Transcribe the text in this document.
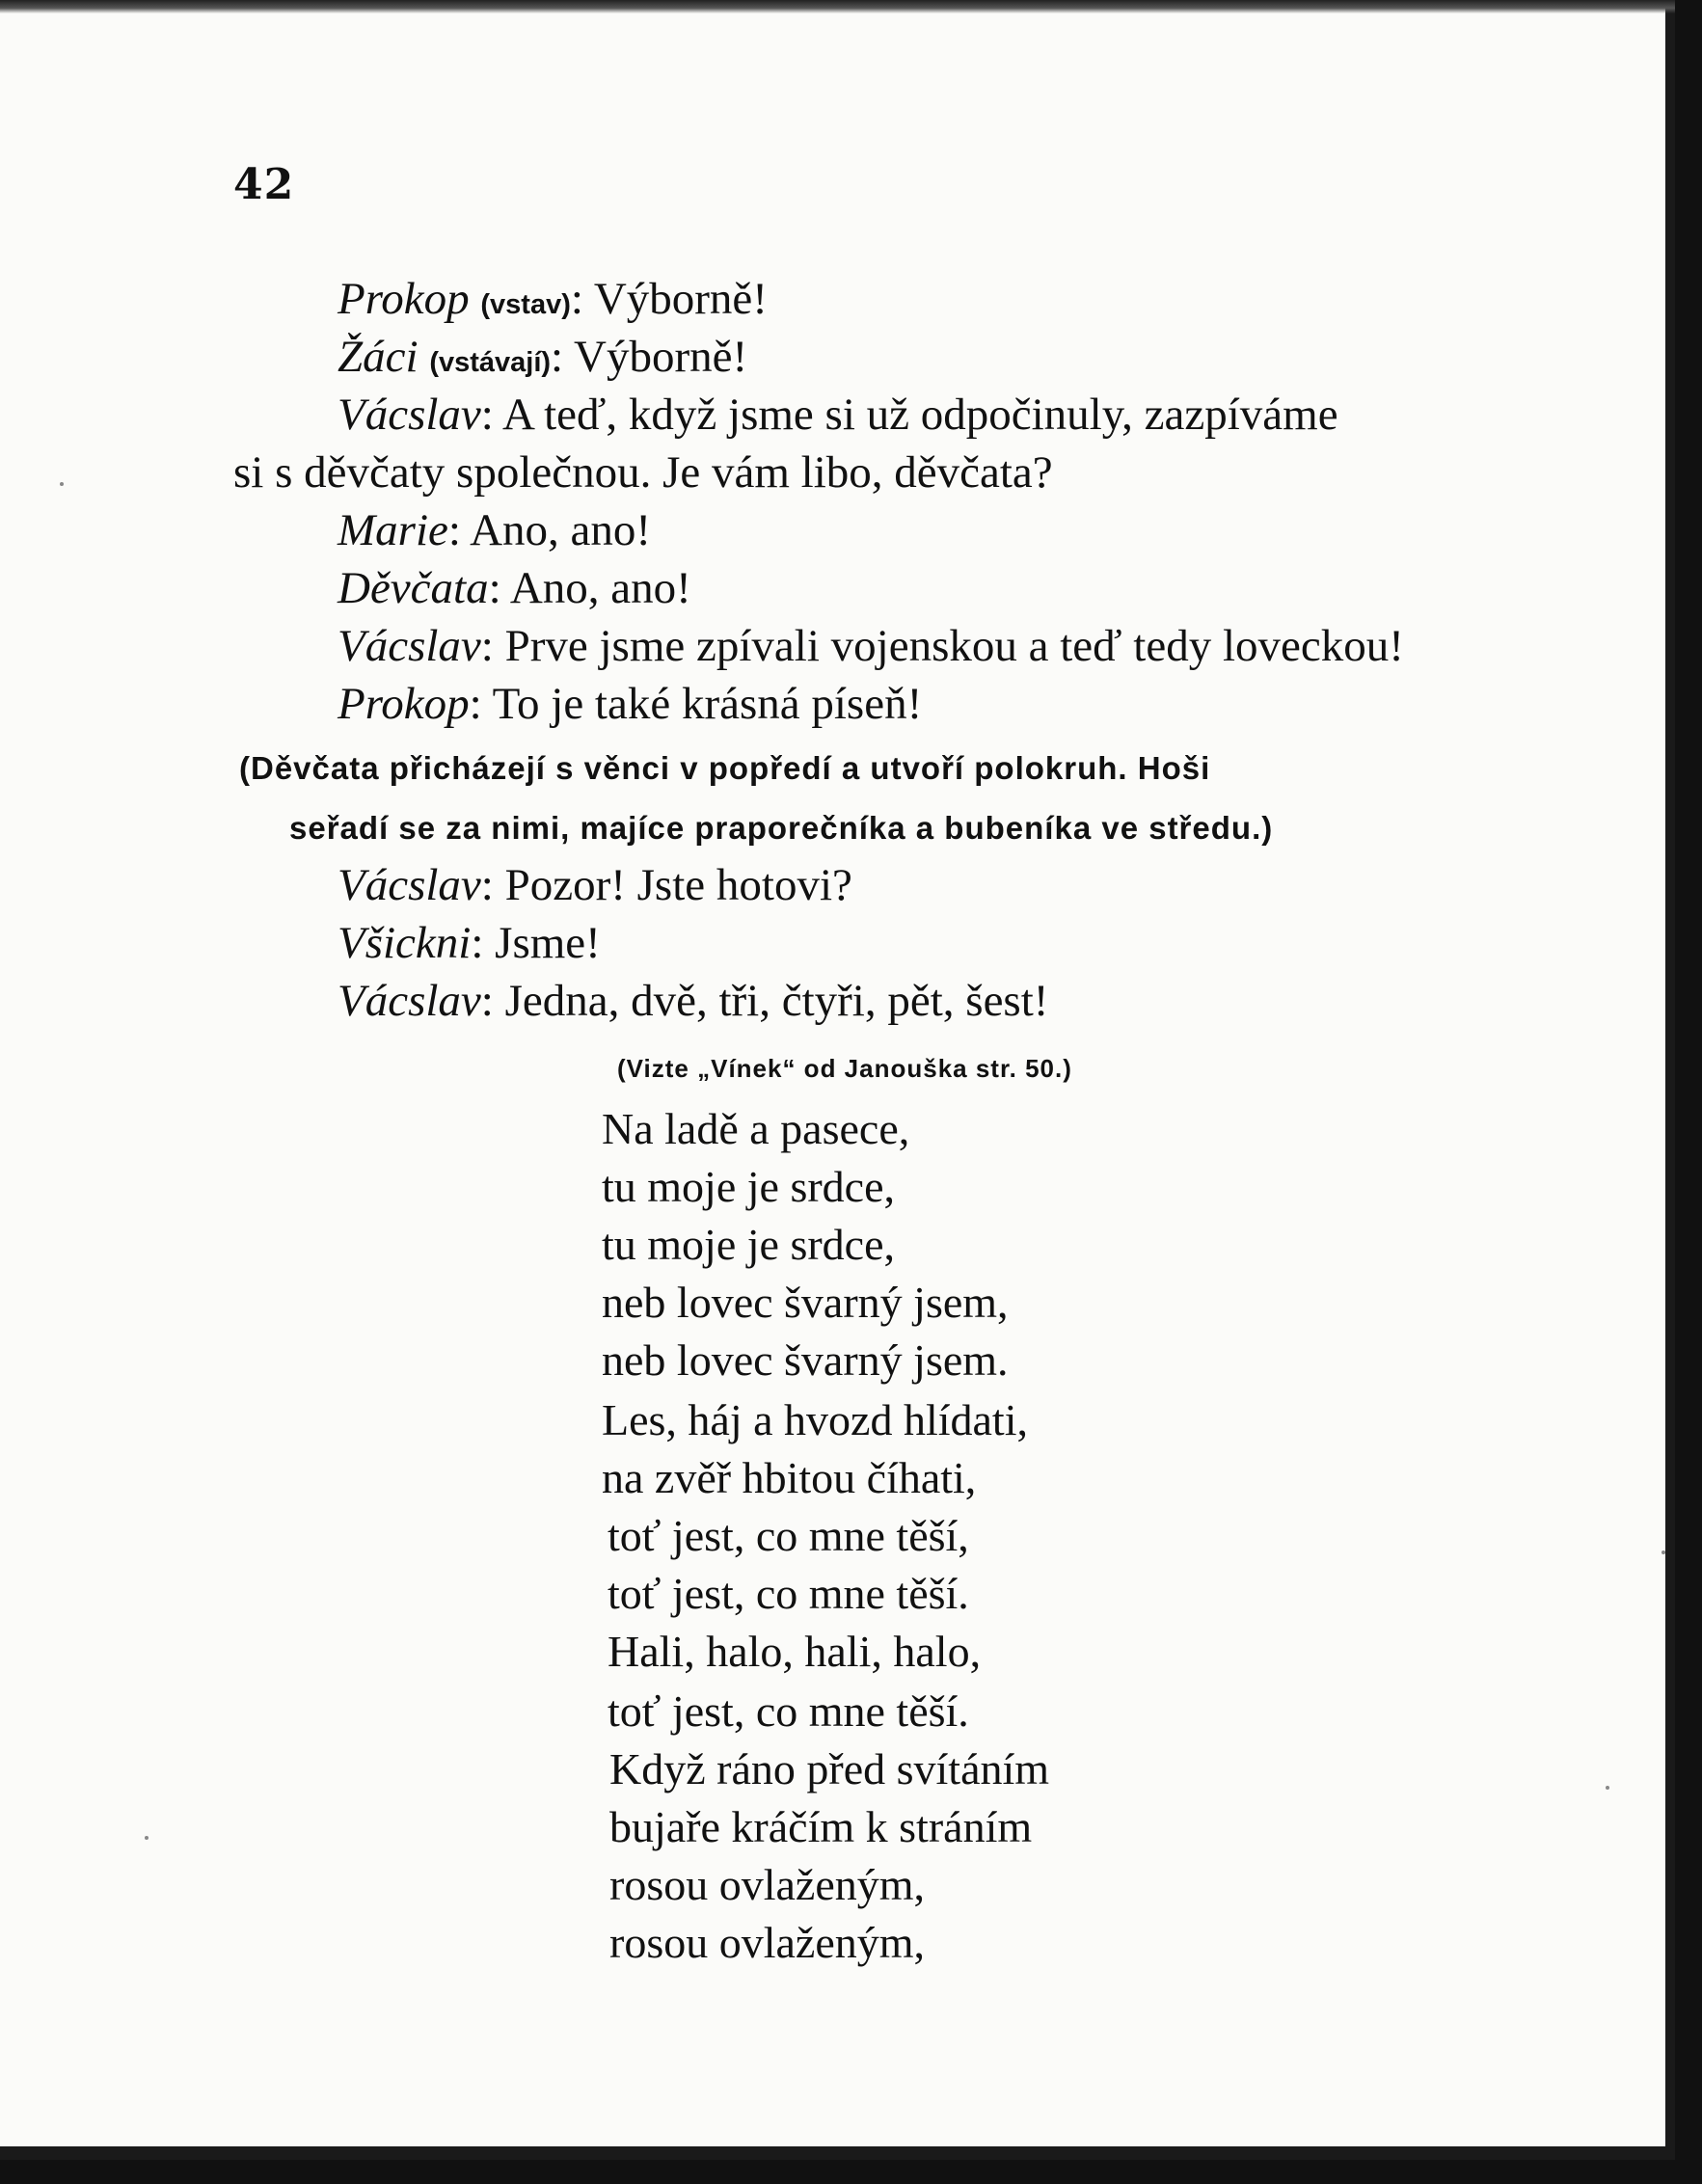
42
Prokop (vstav): Výborně!
Žáci (vstávají): Výborně!
Vácslav: A teď, když jsme si už odpočinuly, zazpíváme
si s děvčaty společnou. Je vám libo, děvčata?
Marie: Ano, ano!
Děvčata: Ano, ano!
Vácslav: Prve jsme zpívali vojenskou a teď tedy loveckou!
Prokop: To je také krásná píseň!
(Děvčata přicházejí s věnci v popředí a utvoří polokruh. Hoši
seřadí se za nimi, majíce praporečníka a bubeníka ve středu.)
Vácslav: Pozor! Jste hotovi?
Všickni: Jsme!
Vácslav: Jedna, dvě, tři, čtyři, pět, šest!
(Vizte „Vínek“ od Janouška str. 50.)
Na ladě a pasece,
tu moje je srdce,
tu moje je srdce,
neb lovec švarný jsem,
neb lovec švarný jsem.
Les, háj a hvozd hlídati,
na zvěř hbitou číhati,
toť jest, co mne těší,
toť jest, co mne těší.
Hali, halo, hali, halo,
toť jest, co mne těší.
Když ráno před svítáním
bujaře kráčím k stráním
rosou ovlaženým,
rosou ovlaženým,
